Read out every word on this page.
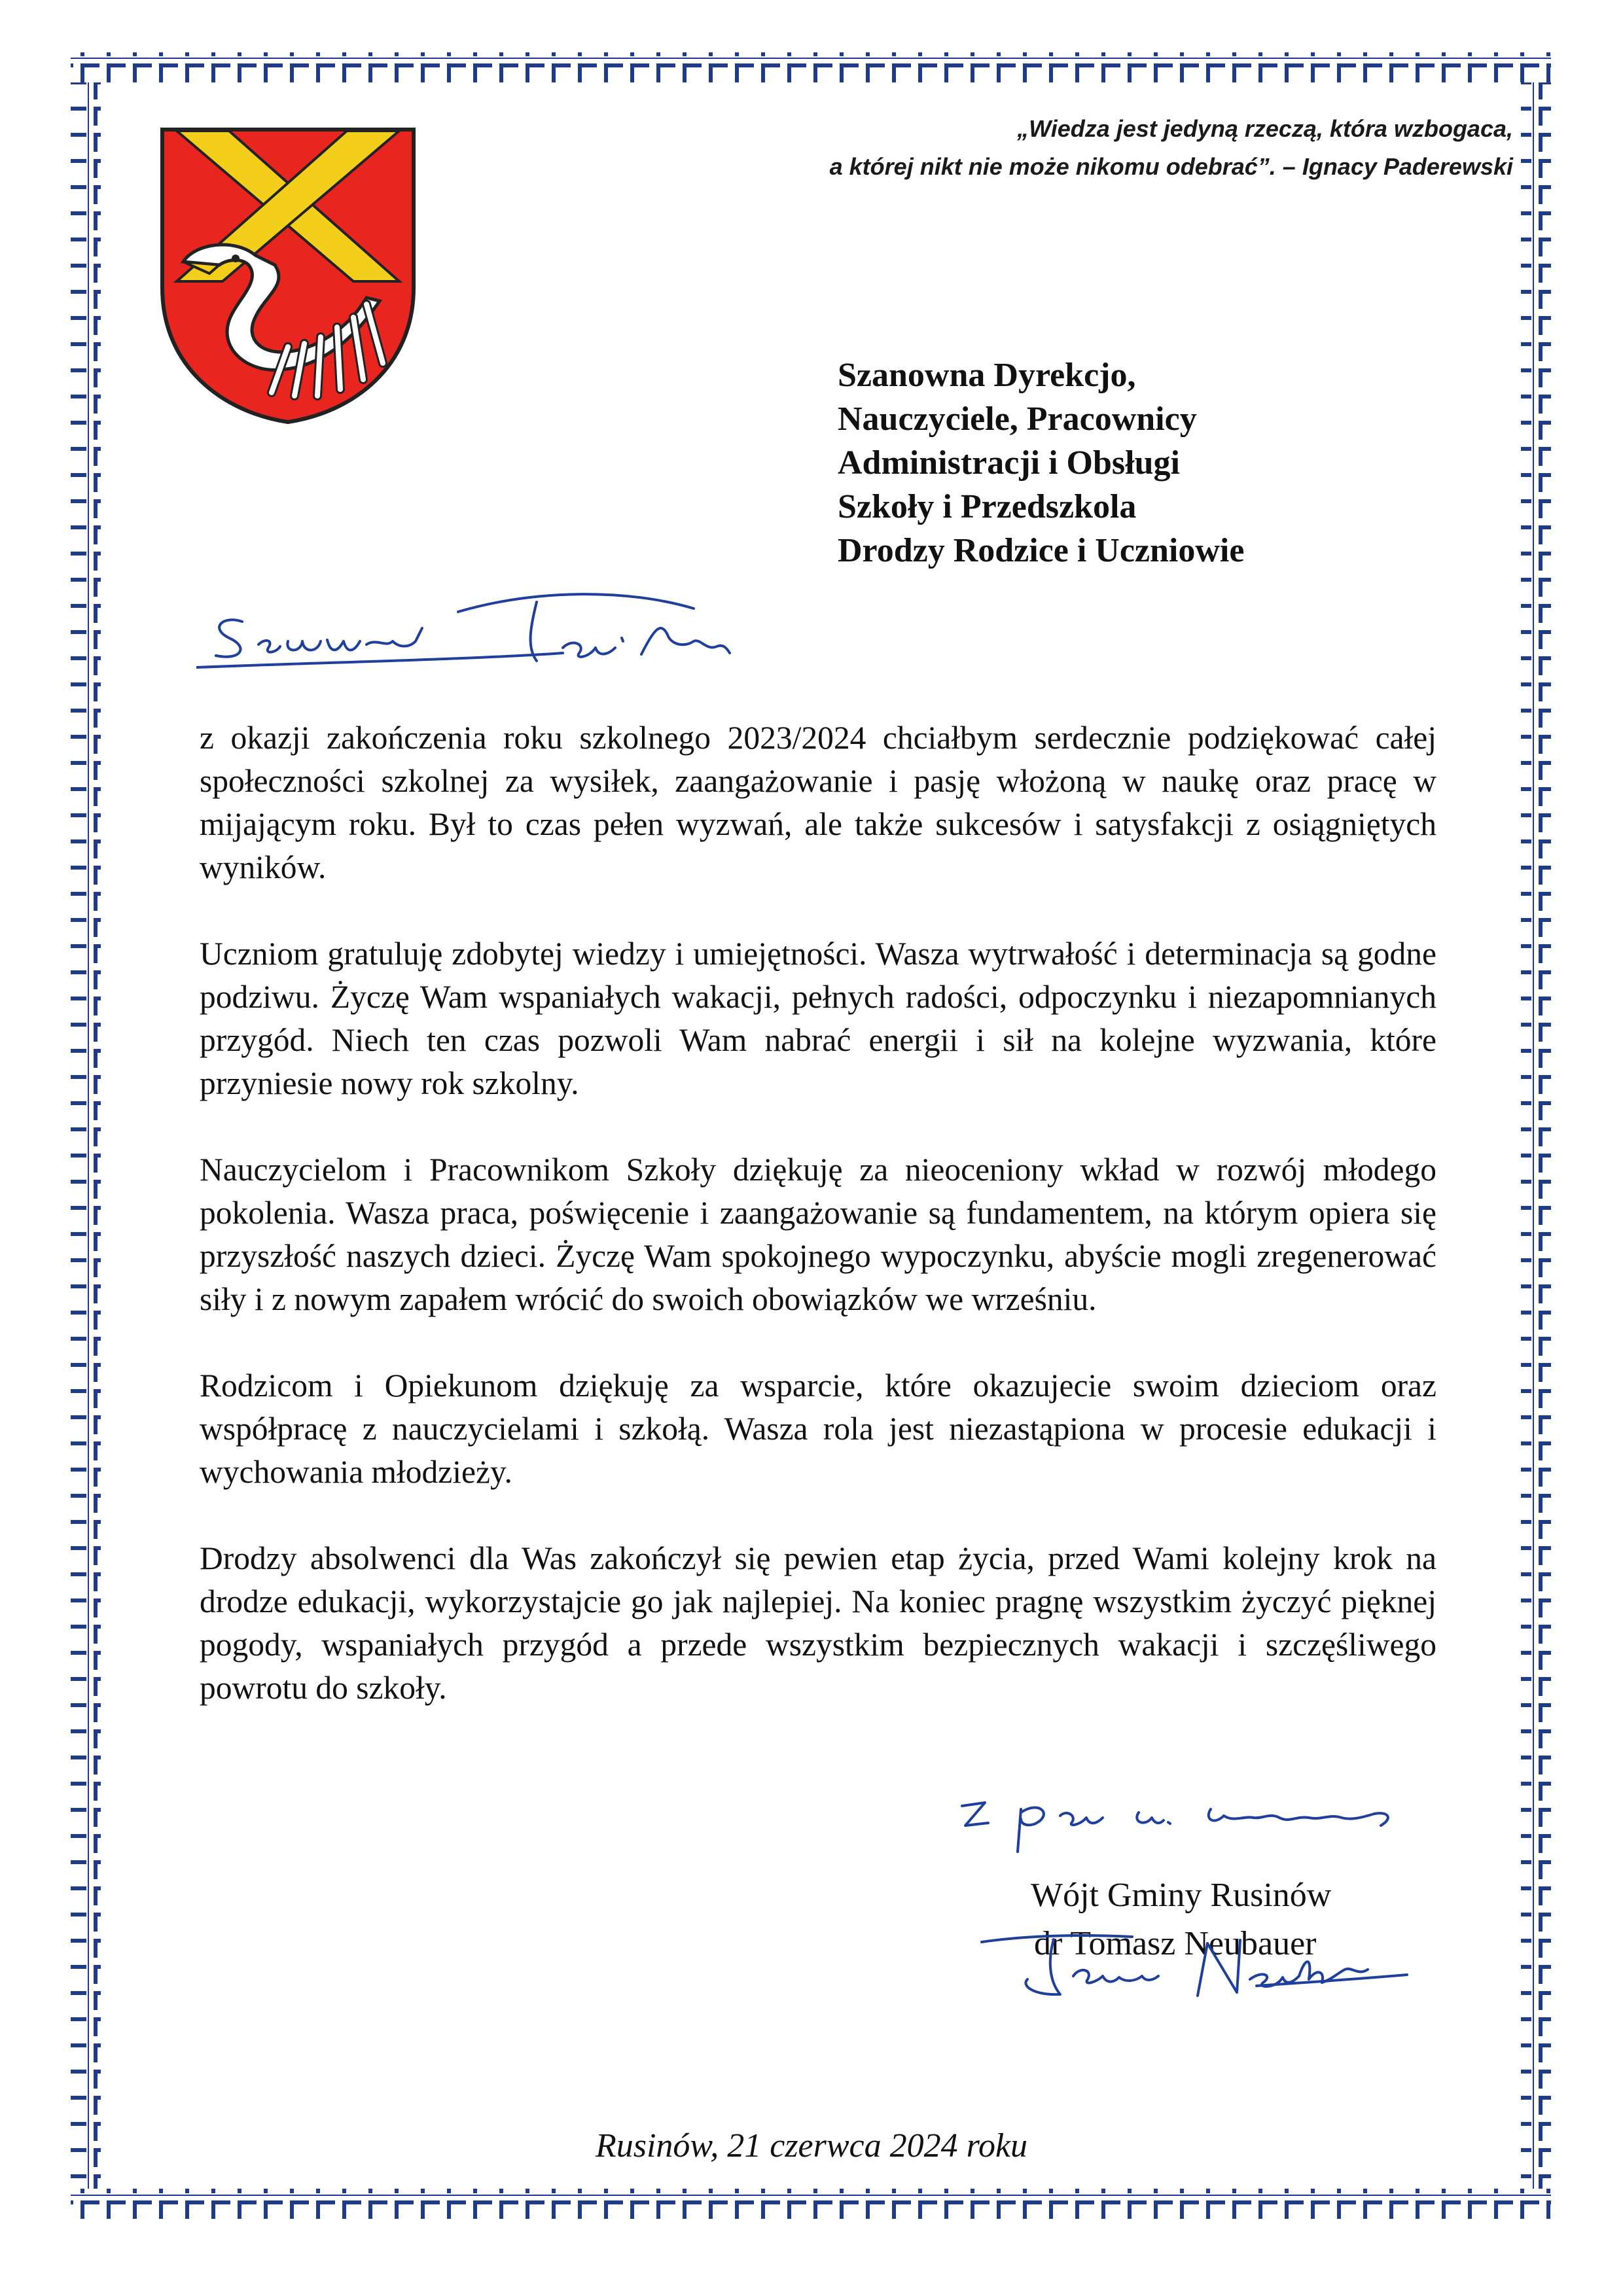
„Wiedza jest jedyną rzeczą, która wzbogaca,
a której nikt nie może nikomu odebrać”. – Ignacy Paderewski
Szanowna Dyrekcjo,
Nauczyciele, Pracownicy
Administracji i Obsługi
Szkoły i Przedszkola
Drodzy Rodzice i Uczniowie

z okazji zakończenia roku szkolnego 2023/2024 chciałbym serdecznie podziękować całej społeczności szkolnej za wysiłek, zaangażowanie i pasję włożoną w naukę oraz pracę w mijającym roku. Był to czas pełen wyzwań, ale także sukcesów i satysfakcji z osiągniętych wyników.

Uczniom gratuluję zdobytej wiedzy i umiejętności. Wasza wytrwałość i determinacja są godne podziwu. Życzę Wam wspaniałych wakacji, pełnych radości, odpoczynku i niezapomnianych przygód. Niech ten czas pozwoli Wam nabrać energii i sił na kolejne wyzwania, które przyniesie nowy rok szkolny.

Nauczycielom i Pracownikom Szkoły dziękuję za nieoceniony wkład w rozwój młodego pokolenia. Wasza praca, poświęcenie i zaangażowanie są fundamentem, na którym opiera się przyszłość naszych dzieci. Życzę Wam spokojnego wypoczynku, abyście mogli zregenerować siły i z nowym zapałem wrócić do swoich obowiązków we wrześniu.

Rodzicom i Opiekunom dziękuję za wsparcie, które okazujecie swoim dzieciom oraz współpracę z nauczycielami i szkołą. Wasza rola jest niezastąpiona w procesie edukacji i wychowania młodzieży.

Drodzy absolwenci dla Was zakończył się pewien etap życia, przed Wami kolejny krok na drodze edukacji, wykorzystajcie go jak najlepiej. Na koniec pragnę wszystkim życzyć pięknej pogody, wspaniałych przygód a przede wszystkim bezpiecznych wakacji i szczęśliwego powrotu do szkoły.

Wójt Gminy Rusinów
dr Tomasz Neubauer
Rusinów, 21 czerwca 2024 roku
